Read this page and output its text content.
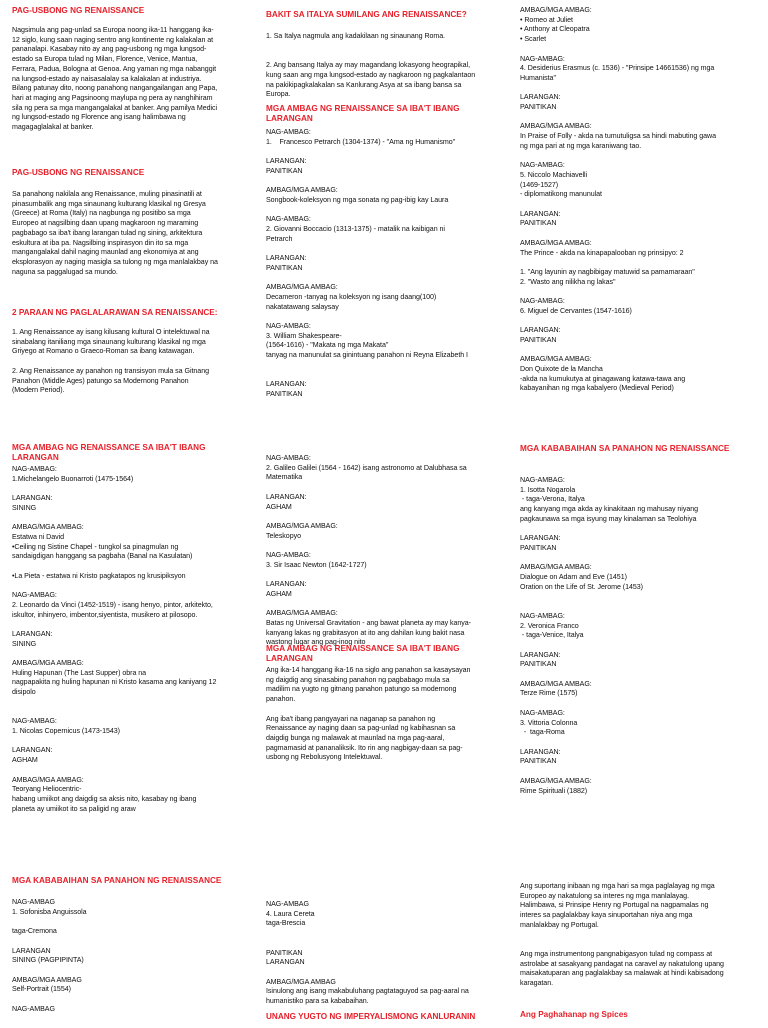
PAG-USBONG NG RENAISSANCE
Nagsimula ang pag-unlad sa Europa noong ika-11 hanggang ika-
12 siglo, kung saan naging sentro ang kontinente ng kalakalan at
pananalapi. Kasabay nito ay ang pag-usbong ng mga lungsod-
estado sa Europa tulad ng Milan, Florence, Venice, Mantua,
Ferrara, Padua, Bologna at Genoa. Ang yaman ng mga nabanggit
na lungsod-estado ay naisasalalay sa kalakalan at industriya.
Bilang patunay dito, noong panahong nangangailangan ang Papa,
hari at maging ang Pagsinoong maylupa ng pera ay nanghihiram
sila ng pera sa mga mangangalakal at banker. Ang pamilya Medici
ng lungsod-estado ng Florence ang isang halimbawa ng
magagaglalakal at banker.
PAG-USBONG NG RENAISSANCE
Sa panahong nakilala ang Renaissance, muling pinasinatili at
pinasumbalik ang mga sinaunang kulturang klasikal ng Gresya
(Greece) at Roma (Italy) na nagbunga ng positibo sa mga
Europeo at nagsilbing daan upang magkaroon ng maraming
pagbabago sa iba't ibang larangan tulad ng sining, arkitektura
eskultura at iba pa. Nagsilbing inspirasyon din ito sa mga
mangangalakal dahil naging maunlad ang ekonomiya at ang
eksplorasyon ay naging masigla sa tulong ng mga manlalakbay na
naguna sa paggalugad sa mundo.
2 PARAAN NG PAGLALARAWAN SA RENAISSANCE:
1. Ang Renaissance ay isang kilusang kultural O intelektuwal na
sinabalang itaniliang mga sinaunang kulturang klasikal ng mga
Griyego at Romano o Graeco-Roman sa ibang katawagan.

2. Ang Renaissance ay panahon ng transisyon mula sa Gitnang
Panahon (Middle Ages) patungo sa Modernong Panahon
(Modern Period).
MGA AMBAG NG RENAISSANCE SA IBA'T IBANG LARANGAN
NAG-AMBAG:
1.Michelangelo Buonarroti (1475-1564)

LARANGAN:
SINING

AMBAG/MGA AMBAG:
Estatwa ni David
•Ceiling ng Sistine Chapel - tungkol sa pinagmulan ng
sandaigdigan hanggang sa pagbaha (Banal na Kasulatan)

•La Pieta - estatwa ni Kristo pagkatapos ng krusipiksyon

NAG-AMBAG:
2. Leonardo da Vinci (1452-1519) - isang henyo, pintor, arkitekto,
iskultor, inhinyero, imbentor,siyentista, musikero at pilosopo.

LARANGAN:
SINING

AMBAG/MGA AMBAG:
Huling Hapunan (The Last Supper) obra na
nagpapakita ng huling hapunan ni Kristo kasama ang kaniyang 12
disipolo

NAG-AMBAG:
1. Nicolas Copernicus (1473-1543)

LARANGAN:
AGHAM

AMBAG/MGA AMBAG:
Teoryang Heliocentric-
habang umiikot ang daigdig sa aksis nito, kasabay ng ibang
planeta ay umiikot ito sa paligid ng araw
MGA KABABAIHAN SA PANAHON NG RENAISSANCE
NAG-AMBAG
1. Sofonisba Anguissola

taga-Cremona

LARANGAN
SINING (PAGPIPINTA)

AMBAG/MGA AMBAG
Self-Portrait (1554)

NAG-AMBAG
BAKIT SA ITALYA SUMILANG ANG RENAISSANCE?
1. Sa Italya nagmula ang kadakilaan ng sinaunang Roma.

2. Ang bansang Italya ay may magandang lokasyong heograpikal,
kung saan ang mga lungsod-estado ay nagkaroon ng pagkalantaon
na pakikipagkalakalan sa Kanlurang Asya at sa ibang bansa sa
Europa.
MGA AMBAG NG RENAISSANCE SA IBA'T IBANG LARANGAN
NAG-AMBAG:
1.    Francesco Petrarch (1304-1374) - "Ama ng Humanismo"

LARANGAN:
PANITIKAN

AMBAG/MGA AMBAG:
Songbook-koleksyon ng mga sonata ng pag-ibig kay Laura

NAG-AMBAG:
2. Giovanni Boccacio (1313-1375) - matalik na kaibigan ni
Petrarch

LARANGAN:
PANITIKAN

AMBAG/MGA AMBAG:
Decameron -tanyag na koleksyon ng isang daang(100)
nakatatawang salaysay

NAG-AMBAG:
3. William Shakespeare-
(1564-1616) - "Makata ng mga Makata"
tanyag na manunulat sa ginintuang panahon ni Reyna Elizabeth I

LARANGAN:
PANITIKAN
NAG-AMBAG:
2. Galileo Galilei (1564 - 1642) isang astronomo at Dalubhasa sa
Matematika

LARANGAN:
AGHAM

AMBAG/MGA AMBAG:
Teleskopyo

NAG-AMBAG:
3. Sir Isaac Newton (1642-1727)

LARANGAN:
AGHAM

AMBAG/MGA AMBAG:
Batas ng Universal Gravitation - ang bawat planeta ay may kanya-
kanyang lakas ng grabitasyon at ito ang dahilan kung bakit nasa
wastong lugar ang pag-inog nito
MGA AMBAG NG RENAISSANCE SA IBA'T IBANG LARANGAN
Ang ika-14 hanggang ika-16 na siglo ang panahon sa kasaysayan
ng daigdig ang sinasabing panahon ng pagbabago mula sa
madilim na yugto ng gitnang panahon patungo sa modernong
panahon.

Ang iba't ibang pangyayari na naganap sa panahon ng
Renaissance ay naging daan sa pag-unlad ng kabihasnan sa
daigdig bunga ng malawak at maunlad na mga pag-aaral,
pagmamasid at pananaliksik. Ito rin ang nagbigay-daan sa pag-
usbong ng Rebolusyong Intelektuwal.
NAG-AMBAG
4. Laura Cereta
taga-Brescia

PANITIKAN
LARANGAN

AMBAG/MGA AMBAG
Isinulong ang isang makabuluhang pagtataguyod sa pag-aaral na
humanistiko para sa kababaihan.
UNANG YUGTO NG IMPERYALISMONG KANLURANIN
AMBAG/MGA AMBAG:
• Romeo at Juliet
• Anthony at Cleopatra
• Scarlet

NAG-AMBAG:
4. Desiderius Erasmus (c. 1536) - "Prinsipe 14661536) ng mga
Humanista"

LARANGAN:
PANITIKAN

AMBAG/MGA AMBAG:
In Praise of Folly - akda na tumutuligsa sa hindi mabuting gawa
ng mga pari at ng mga karaniwang tao.

NAG-AMBAG:
5. Niccolo Machiavelli
(1469-1527)
- diplomatikong manunulat

LARANGAN:
PANITIKAN

AMBAG/MGA AMBAG:
The Prince - akda na kinapapalooban ng prinsipyo: 2

1. "Ang layunin ay nagbibigay matuwid sa pamamaraan"
2. "Wasto ang nilikha ng lakas"

NAG-AMBAG:
6. Miguel de Cervantes (1547-1616)

LARANGAN:
PANITIKAN

AMBAG/MGA AMBAG:
Don Quixote de la Mancha
-akda na kumukutya at ginagawang katawa-tawa ang
kabayanihan ng mga kabalyero (Medieval Period)
MGA KABABAIHAN SA PANAHON NG RENAISSANCE
NAG-AMBAG:
1. Isotta Nogarola
- taga-Verona, Italya
ang kanyang mga akda ay kinakitaan ng mahusay niyang
pagkaunawa sa mga isyung may kinalaman sa Teolohiya

LARANGAN:
PANITIKAN

AMBAG/MGA AMBAG:
Dialogue on Adam and Eve (1451)
Oration on the Life of St. Jerome (1453)

NAG-AMBAG:
2. Veronica Franco
- taga-Venice, Italya

LARANGAN:
PANITIKAN

AMBAG/MGA AMBAG:
Terze Rime (1575)

NAG-AMBAG:
3. Vittoria Colonna
-  taga-Roma

LARANGAN:
PANITIKAN

AMBAG/MGA AMBAG:
Rime Spirituali (1882)
Ang suportang inibaan ng mga hari sa mga paglalayag ng mga
Europeo ay nakatulong sa interes ng mga manlalayag.
Halimbawa, si Prinsipe Henry ng Portugal na nagpamalas ng
interes sa paglalakbay kaya sinuportahan niya ang mga
manlalakbay ng Portugal.

Ang mga instrumentong pangnabigasyon tulad ng compass at
astrolabe at sasakyang pandagat na caravel ay nakatulong upang
maisakatuparan ang paglalakbay sa malawak at hindi kabisadong
karagatan.
Ang Paghahanap ng Spices
